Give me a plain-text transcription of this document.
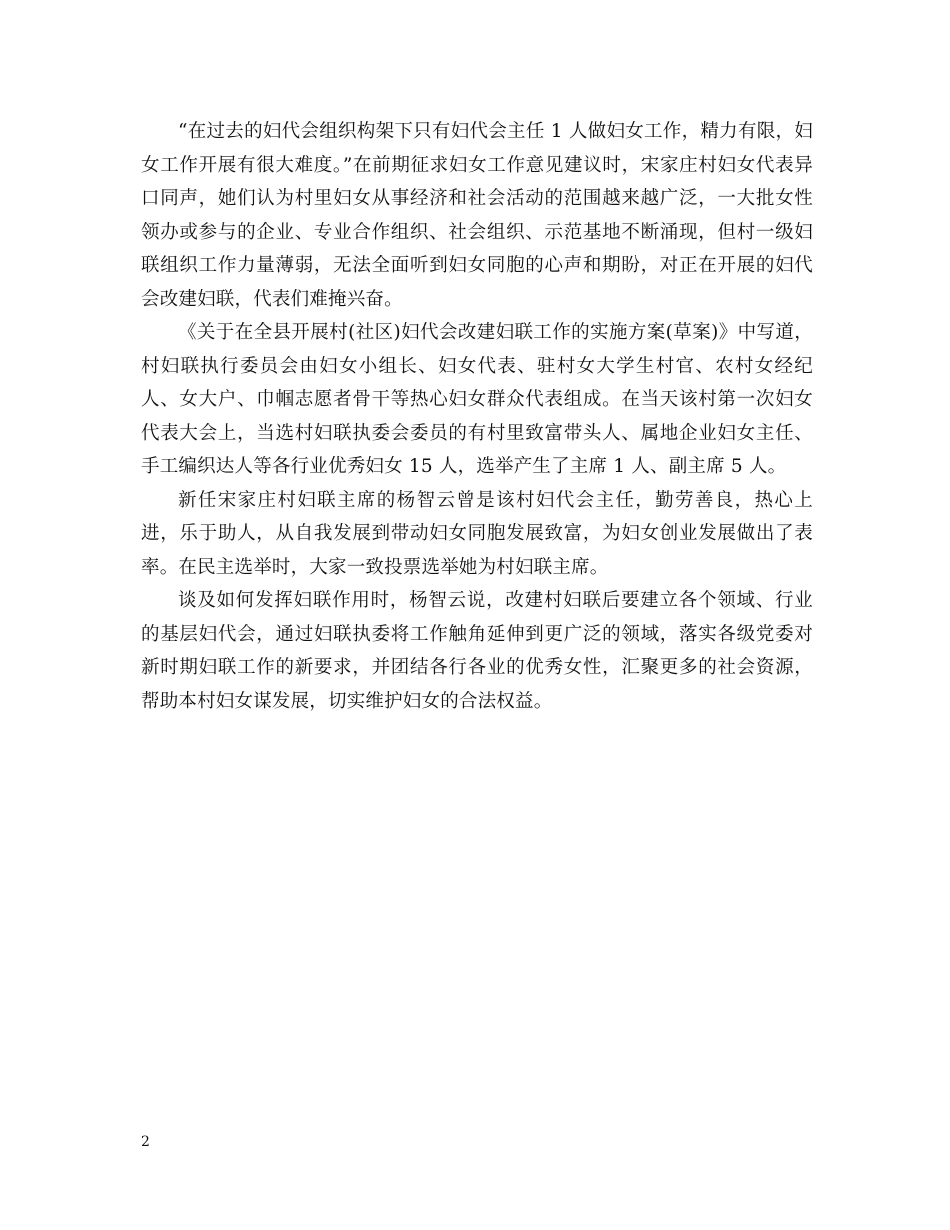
“在过去的妇代会组织构架下只有妇代会主任 1 人做妇女工作，精力有限，妇女工作开展有很大难度。”在前期征求妇女工作意见建议时，宋家庄村妇女代表异口同声，她们认为村里妇女从事经济和社会活动的范围越来越广泛，一大批女性领办或参与的企业、专业合作组织、社会组织、示范基地不断涌现，但村一级妇联组织工作力量薄弱，无法全面听到妇女同胞的心声和期盼，对正在开展的妇代会改建妇联，代表们难掩兴奋。

《关于在全县开展村(社区)妇代会改建妇联工作的实施方案(草案)》中写道，村妇联执行委员会由妇女小组长、妇女代表、驻村女大学生村官、农村女经纪人、女大户、巾帼志愿者骨干等热心妇女群众代表组成。在当天该村第一次妇女代表大会上，当选村妇联执委会委员的有村里致富带头人、属地企业妇女主任、手工编织达人等各行业优秀妇女 15 人，选举产生了主席 1 人、副主席 5 人。

新任宋家庄村妇联主席的杨智云曾是该村妇代会主任，勤劳善良，热心上进，乐于助人，从自我发展到带动妇女同胞发展致富，为妇女创业发展做出了表率。在民主选举时，大家一致投票选举她为村妇联主席。

谈及如何发挥妇联作用时，杨智云说，改建村妇联后要建立各个领域、行业的基层妇代会，通过妇联执委将工作触角延伸到更广泛的领域，落实各级党委对新时期妇联工作的新要求，并团结各行各业的优秀女性，汇聚更多的社会资源，帮助本村妇女谋发展，切实维护妇女的合法权益。

2
